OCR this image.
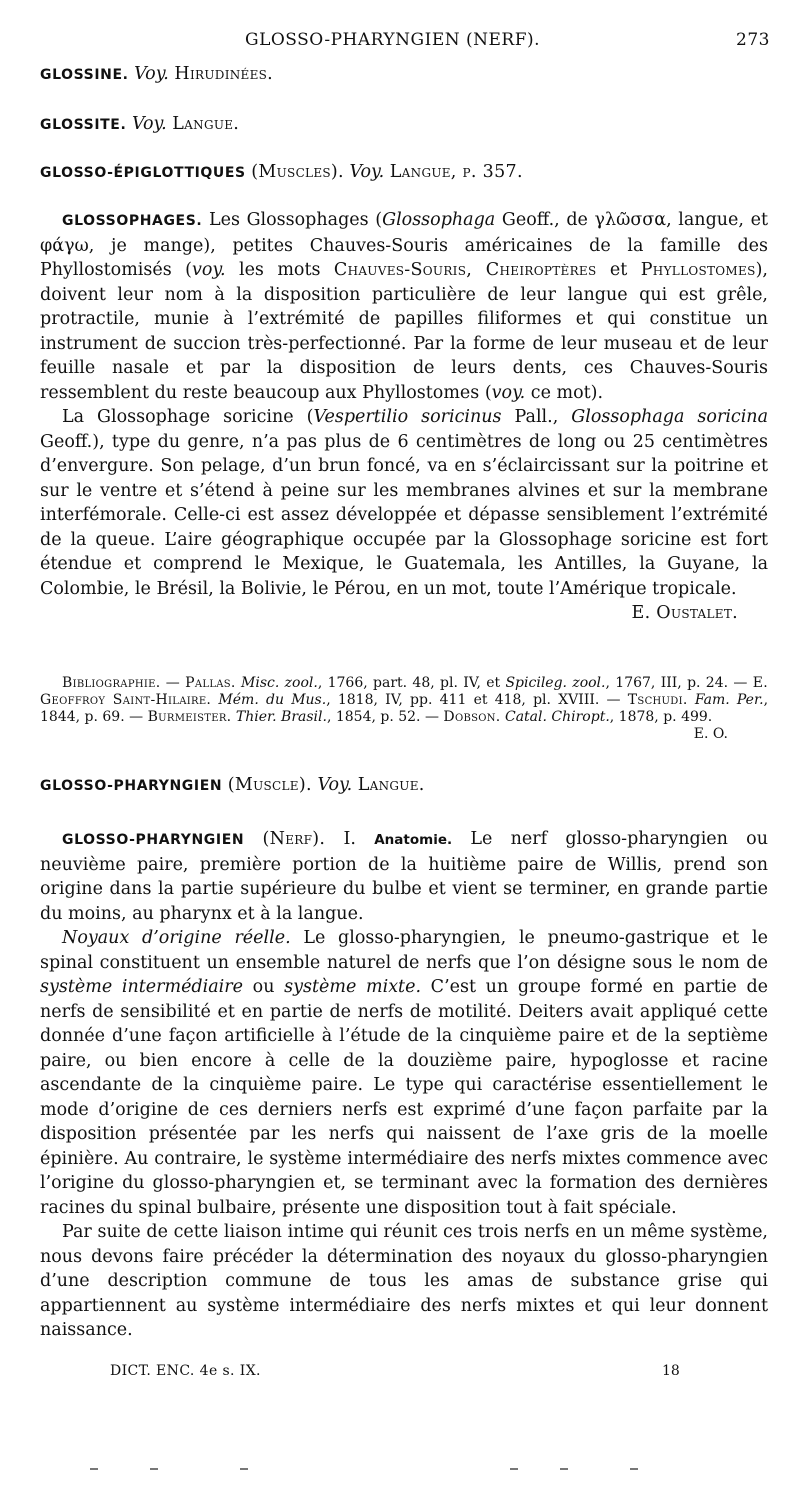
GLOSSO-PHARYNGIEN (NERF).	273
GLOSSINE. Voy. Hirudinées.
GLOSSITE. Voy. Langue.
GLOSSO-ÉPIGLOTTIQUES (Muscles). Voy. Langue, p. 357.

GLOSSOPHAGES. Les Glossophages (Glossophaga Geoff., de γλῶσσα, langue, et φάγω, je mange), petites Chauves-Souris américaines de la famille des Phyllostomisés (voy. les mots Chauves-Souris, Cheiroptères et Phyllostomes), doivent leur nom à la disposition particulière de leur langue qui est grêle, protractile, munie à l’extrémité de papilles filiformes et qui constitue un instrument de succion très-perfectionné. Par la forme de leur museau et de leur feuille nasale et par la disposition de leurs dents, ces Chauves-Souris ressemblent du reste beaucoup aux Phyllostomes (voy. ce mot).

La Glossophage soricine (Vespertilio soricinus Pall., Glossophaga soricina Geoff.), type du genre, n’a pas plus de 6 centimètres de long ou 25 centimètres d’envergure. Son pelage, d’un brun foncé, va en s’éclaircissant sur la poitrine et sur le ventre et s’étend à peine sur les membranes alvines et sur la membrane interfémorale. Celle-ci est assez développée et dépasse sensiblement l’extrémité de la queue. L’aire géographique occupée par la Glossophage soricine est fort étendue et comprend le Mexique, le Guatemala, les Antilles, la Guyane, la Colombie, le Brésil, la Bolivie, le Pérou, en un mot, toute l’Amérique tropicale.

E. Oustalet.

Bibliographie. — Pallas. Misc. zool., 1766, part. 48, pl. IV, et Spicileg. zool., 1767, III, p. 24. — E. Geoffroy Saint-Hilaire. Mém. du Mus., 1818, IV, pp. 411 et 418, pl. XVIII. — Tschudi. Fam. Per., 1844, p. 69. — Burmeister. Thier. Brasil., 1854, p. 52. — Dobson. Catal. Chiropt., 1878, p. 499.

E. O.

GLOSSO-PHARYNGIEN (Muscle). Voy. Langue.

GLOSSO-PHARYNGIEN (Nerf). I. Anatomie. Le nerf glosso-pharyngien ou neuvième paire, première portion de la huitième paire de Willis, prend son origine dans la partie supérieure du bulbe et vient se terminer, en grande partie du moins, au pharynx et à la langue.

Noyaux d’origine réelle. Le glosso-pharyngien, le pneumo-gastrique et le spinal constituent un ensemble naturel de nerfs que l’on désigne sous le nom de système intermédiaire ou système mixte. C’est un groupe formé en partie de nerfs de sensibilité et en partie de nerfs de motilité. Deiters avait appliqué cette donnée d’une façon artificielle à l’étude de la cinquième paire et de la septième paire, ou bien encore à celle de la douzième paire, hypoglosse et racine ascendante de la cinquième paire. Le type qui caractérise essentiellement le mode d’origine de ces derniers nerfs est exprimé d’une façon parfaite par la disposition présentée par les nerfs qui naissent de l’axe gris de la moelle épinière. Au contraire, le système intermédiaire des nerfs mixtes commence avec l’origine du glosso-pharyngien et, se terminant avec la formation des dernières racines du spinal bulbaire, présente une disposition tout à fait spéciale.

Par suite de cette liaison intime qui réunit ces trois nerfs en un même système, nous devons faire précéder la détermination des noyaux du glosso-pharyngien d’une description commune de tous les amas de substance grise qui appartiennent au système intermédiaire des nerfs mixtes et qui leur donnent naissance.

DICT. ENC. 4e s. IX.	18
